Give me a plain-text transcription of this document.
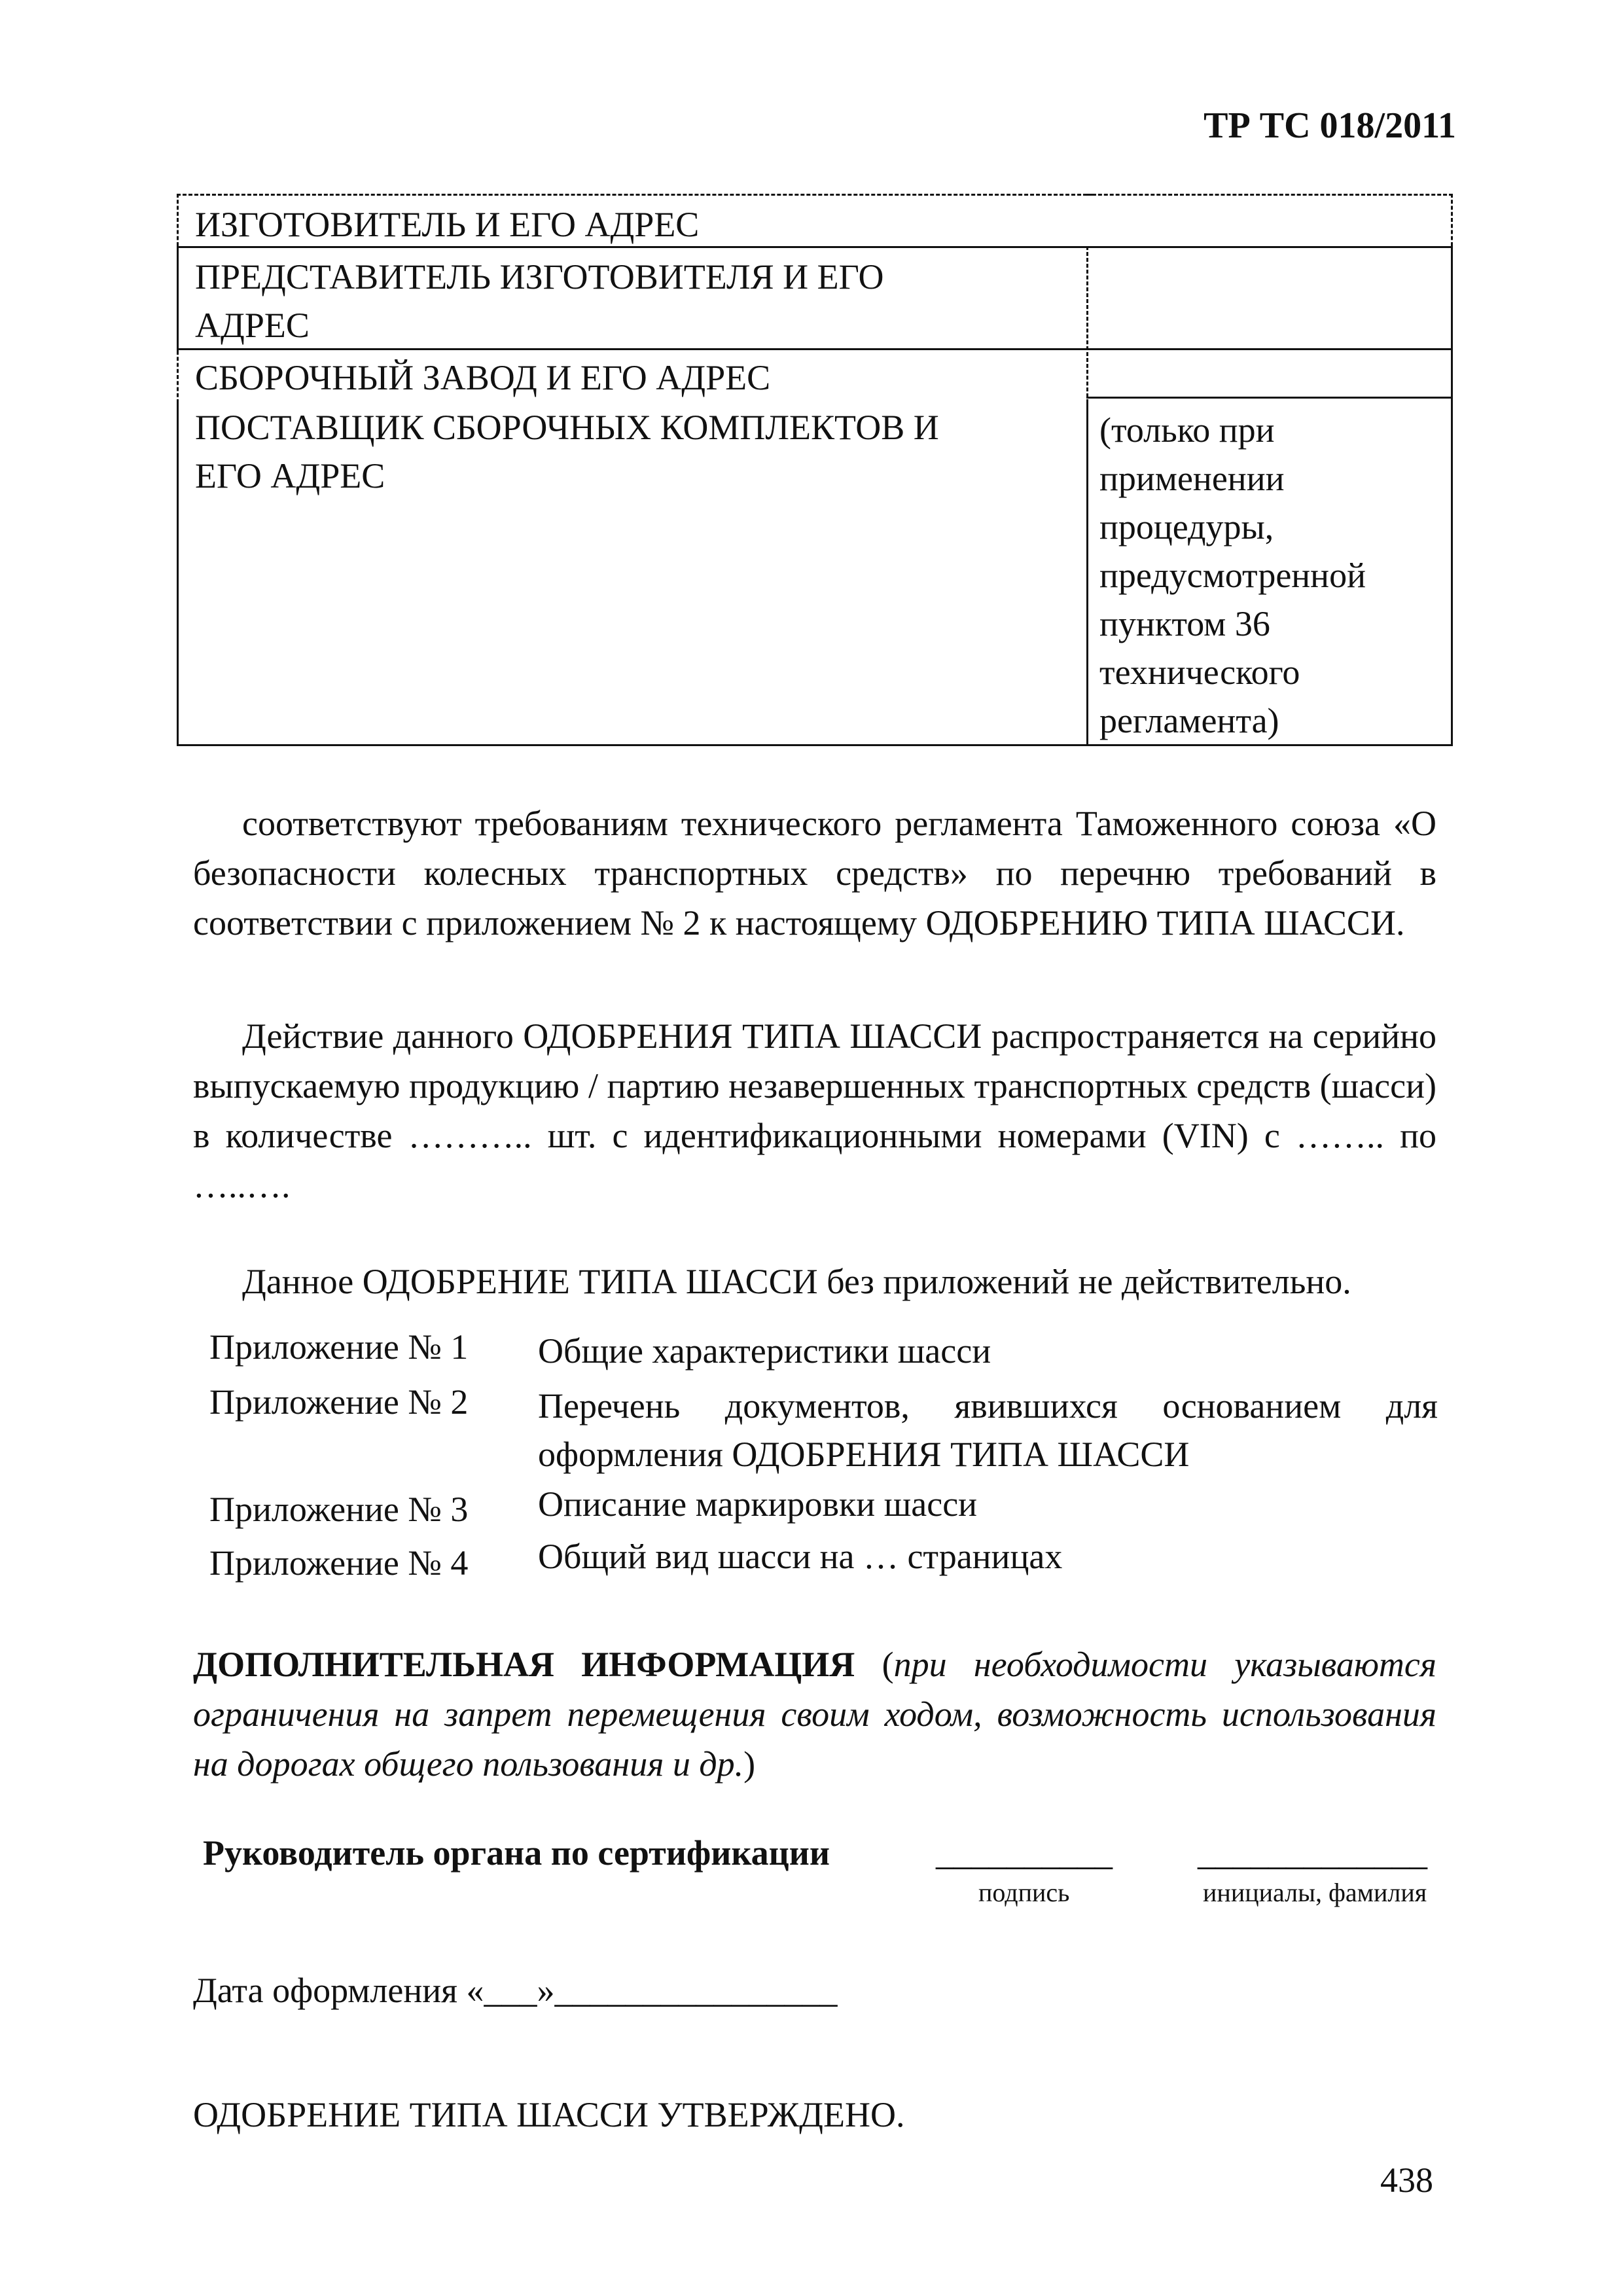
ТР ТС 018/2011
ИЗГОТОВИТЕЛЬ И ЕГО АДРЕС
ПРЕДСТАВИТЕЛЬ ИЗГОТОВИТЕЛЯ И ЕГО
АДРЕС
СБОРОЧНЫЙ ЗАВОД И ЕГО АДРЕС
ПОСТАВЩИК СБОРОЧНЫХ КОМПЛЕКТОВ И
ЕГО АДРЕС
(только при
применении
процедуры,
предусмотренной
пунктом 36
технического
регламента)
соответствуют требованиям технического регламента Таможенного союза «О безопасности колесных транспортных средств» по перечню требований в соответствии с приложением № 2 к настоящему ОДОБРЕНИЮ ТИПА ШАССИ.
Действие данного ОДОБРЕНИЯ ТИПА ШАССИ распространяется на серийно выпускаемую продукцию / партию незавершенных транспортных средств (шасси) в количестве ……….. шт. с идентификационными номерами (VIN) с …….. по …..….
Данное ОДОБРЕНИЕ ТИПА ШАССИ без приложений не действительно.
Приложение № 1 Общие характеристики шасси
Приложение № 2 Перечень документов, явившихся основанием для
оформления ОДОБРЕНИЯ ТИПА ШАССИ
Приложение № 3 Описание маркировки шасси
Приложение № 4 Общий вид шасси на … страницах
ДОПОЛНИТЕЛЬНАЯ ИНФОРМАЦИЯ (при необходимости указываются ограничения на запрет перемещения своим ходом, возможность использования на дорогах общего пользования и др.)
Руководитель органа по сертификации	__________ _____________
подпись	инициалы, фамилия
Дата оформления «___»________________
ОДОБРЕНИЕ ТИПА ШАССИ УТВЕРЖДЕНО.
438
